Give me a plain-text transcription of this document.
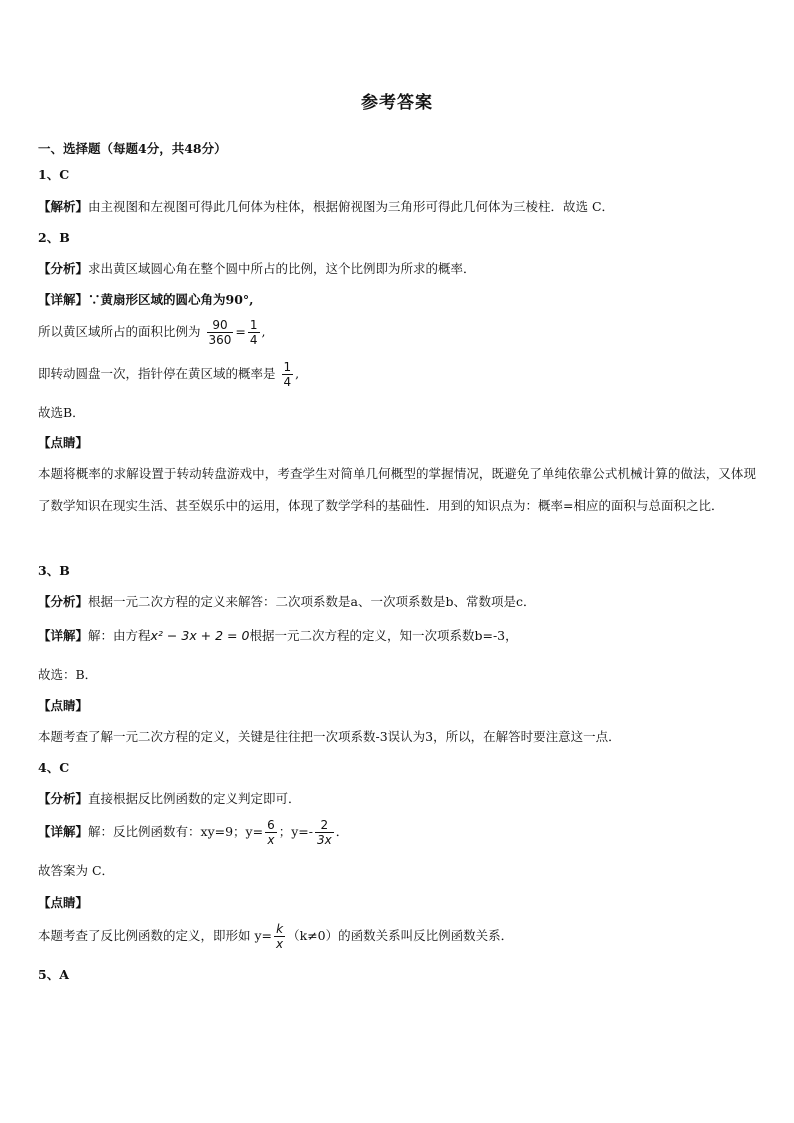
参考答案
一、选择题（每题4分，共48分）
1、C
【解析】由主视图和左视图可得此几何体为柱体，根据俯视图为三角形可得此几何体为三棱柱．故选 C．
2、B
【分析】求出黄区域圆心角在整个圆中所占的比例，这个比例即为所求的概率．
【详解】∵黄扇形区域的圆心角为90°,
所以黄区域所占的面积比例为 $\frac{90}{360} = \frac{1}{4}$ ,
即转动圆盘一次，指针停在黄区域的概率是 $\frac{1}{4}$ ,
故选B．
【点睛】
本题将概率的求解设置于转动转盘游戏中，考查学生对简单几何概型的掌握情况，既避免了单纯依靠公式机械计算的做法，又体现了数学知识在现实生活、甚至娱乐中的运用，体现了数学学科的基础性．用到的知识点为：概率=相应的面积与总面积之比．
3、B
【分析】根据一元二次方程的定义来解答：二次项系数是a、一次项系数是b、常数项是c．
【详解】解：由方程x² − 3x + 2 = 0根据一元二次方程的定义，知一次项系数b=-3，
故选：B．
【点睛】
本题考查了解一元二次方程的定义，关键是往往把一次项系数-3误认为3，所以，在解答时要注意这一点．
4、C
【分析】直接根据反比例函数的定义判定即可．
【详解】解：反比例函数有：xy=9；$y= \frac{6}{x}$ ；$y=- \frac{2}{3x}$ ．
故答案为 C．
【点睛】
本题考查了反比例函数的定义，即形如 $y= \frac{k}{x} (k\ne 0)$的函数关系叫反比例函数关系．
5、A
